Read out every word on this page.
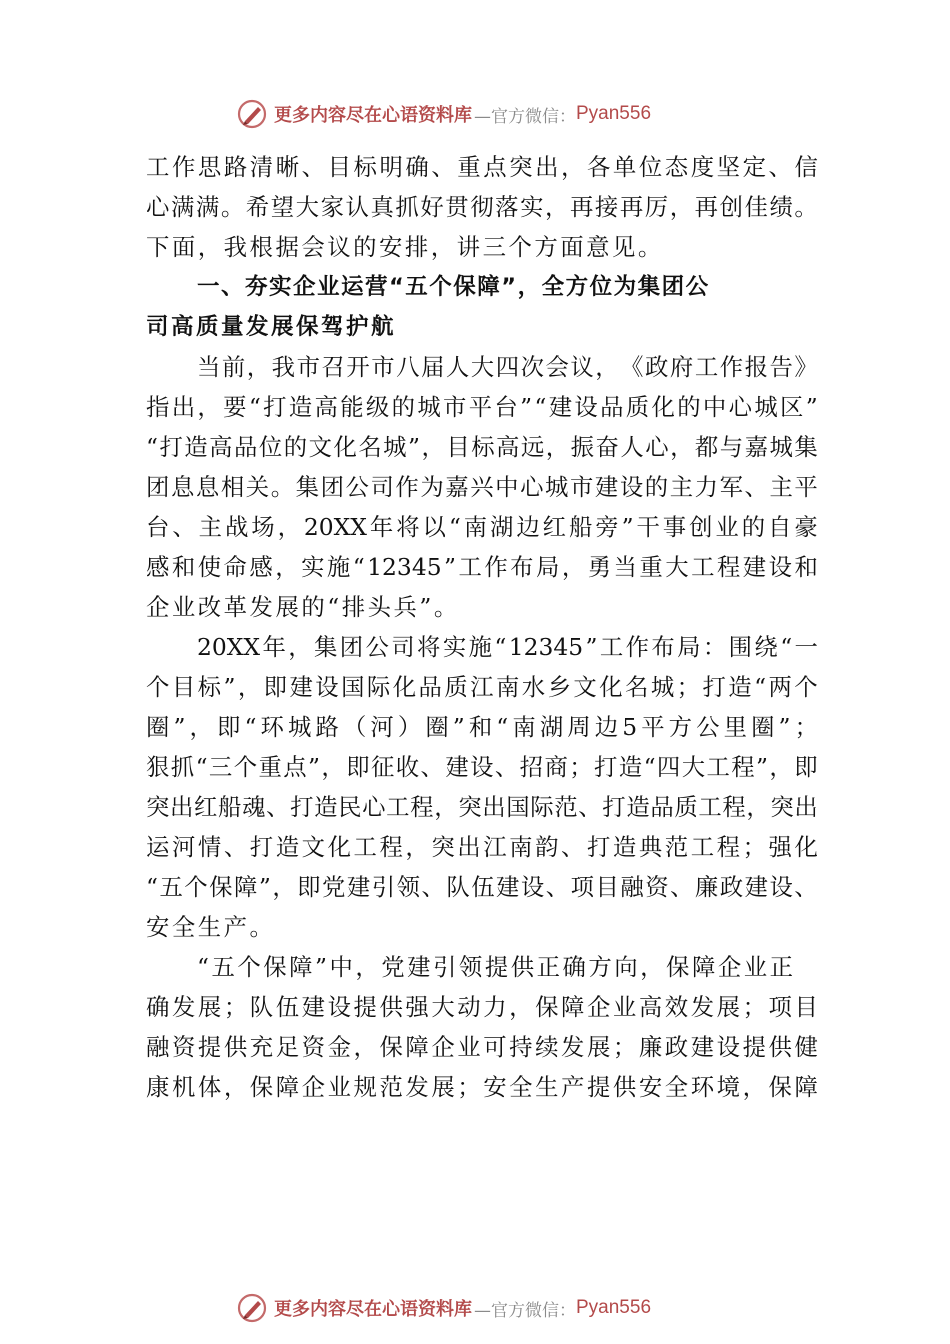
更多内容尽在心语资料库 —官方微信： Pyan556
工 作 思 路 清 晰 、 目 标 明 确 、 重 点 突 出 ， 各 单 位 态 度 坚 定 、 信
心 满 满 。 希 望 大 家 认 真 抓 好 贯 彻 落 实 ， 再 接 再 厉 ， 再 创 佳 绩 。
下面，我根据会议的安排，讲三个方面意见。
一、夯实企业运营“五个保障”，全方位为集团公
司高质量发展保驾护航
当 前 ， 我 市 召 开 市 八 届 人 大 四 次 会 议 ， 《 政 府 工 作 报 告 》
指 出 ， 要 “ 打 造 高 能 级 的 城 市 平 台 ” “ 建 设 品 质 化 的 中 心 城 区 ”
“ 打 造 高 品 位 的 文 化 名 城 ” ， 目 标 高 远 ， 振 奋 人 心 ， 都 与 嘉 城 集
团 息 息 相 关 。 集 团 公 司 作 为 嘉 兴 中 心 城 市 建 设 的 主 力 军 、 主 平
台 、 主 战 场 ， 20XX 年 将 以 “ 南 湖 边 红 船 旁 ” 干 事 创 业 的 自 豪
感 和 使 命 感 ， 实 施 “ 12345 ” 工 作 布 局 ， 勇 当 重 大 工 程 建 设 和
企业改革发展的“排头兵”。
20XX 年 ， 集 团 公 司 将 实 施 “ 12345 ” 工 作 布 局 ： 围 绕 “ 一
个 目 标 ” ， 即 建 设 国 际 化 品 质 江 南 水 乡 文 化 名 城 ； 打 造 “ 两 个
圈 ” ， 即 “ 环 城 路 （ 河 ） 圈 ” 和 “ 南 湖 周 边 5 平 方 公 里 圈 ” ；
狠 抓 “ 三 个 重 点 ” ， 即 征 收 、 建 设 、 招 商 ； 打 造 “ 四 大 工 程 ” ， 即
突 出 红 船 魂 、 打 造 民 心 工 程 ， 突 出 国 际 范 、 打 造 品 质 工 程 ， 突 出
运 河 情 、 打 造 文 化 工 程 ， 突 出 江 南 韵 、 打 造 典 范 工 程 ； 强 化
“ 五 个 保 障 ” ， 即 党 建 引 领 、 队 伍 建 设 、 项 目 融 资 、 廉 政 建 设 、
安全生产。
“五个保障”中，党建引领提供正确方向，保障企业正
确 发 展 ； 队 伍 建 设 提 供 强 大 动 力 ， 保 障 企 业 高 效 发 展 ； 项 目
融 资 提 供 充 足 资 金 ， 保 障 企 业 可 持 续 发 展 ； 廉 政 建 设 提 供 健
康 机 体 ， 保 障 企 业 规 范 发 展 ； 安 全 生 产 提 供 安 全 环 境 ， 保 障
更多内容尽在心语资料库 —官方微信： Pyan556
